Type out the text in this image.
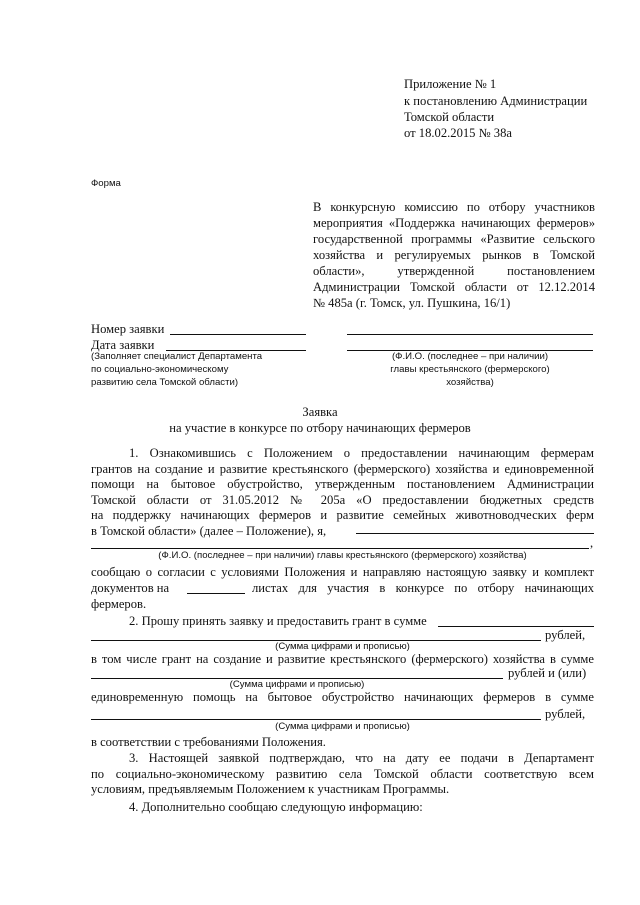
Приложение № 1
к постановлению Администрации
Томской области
от 18.02.2015 № 38а
Форма
В конкурсную комиссию по отбору участников
мероприятия «Поддержка начинающих фермеров»
государственной программы «Развитие сельского
хозяйства и регулируемых рынков в Томской
области», утвержденной постановлением
Администрации Томской области от 12.12.2014
№ 485а (г. Томск, ул. Пушкина, 16/1)
Номер заявки
Дата заявки
(Заполняет специалист Департамента
по социально-экономическому
развитию села Томской области)
(Ф.И.О. (последнее – при наличии)
главы крестьянского (фермерского)
хозяйства)
Заявка
на участие в конкурсе по отбору начинающих фермеров
1. Ознакомившись с Положением о предоставлении начинающим фермерам
грантов на создание и развитие крестьянского (фермерского) хозяйства и единовременной
помощи на бытовое обустройство, утвержденным постановлением Администрации
Томской области от 31.05.2012 № 205а «О предоставлении бюджетных средств
на поддержку начинающих фермеров и развитие семейных животноводческих ферм
в Томской области» (далее – Положение), я,
,
(Ф.И.О. (последнее – при наличии) главы крестьянского (фермерского) хозяйства)
сообщаю о согласии с условиями Положения и направляю настоящую заявку и комплект
документов на	листах для участия в конкурсе по отбору начинающих
фермеров.
2. Прошу принять заявку и предоставить грант в сумме
рублей,
(Сумма цифрами и прописью)
в том числе грант на создание и развитие крестьянского (фермерского) хозяйства в сумме
рублей и (или)
(Сумма цифрами и прописью)
единовременную помощь на бытовое обустройство начинающих фермеров в сумме
рублей,
(Сумма цифрами и прописью)
в соответствии с требованиями Положения.
3. Настоящей заявкой подтверждаю, что на дату ее подачи в Департамент
по социально-экономическому развитию села Томской области соответствую всем
условиям, предъявляемым Положением к участникам Программы.
4. Дополнительно сообщаю следующую информацию:
